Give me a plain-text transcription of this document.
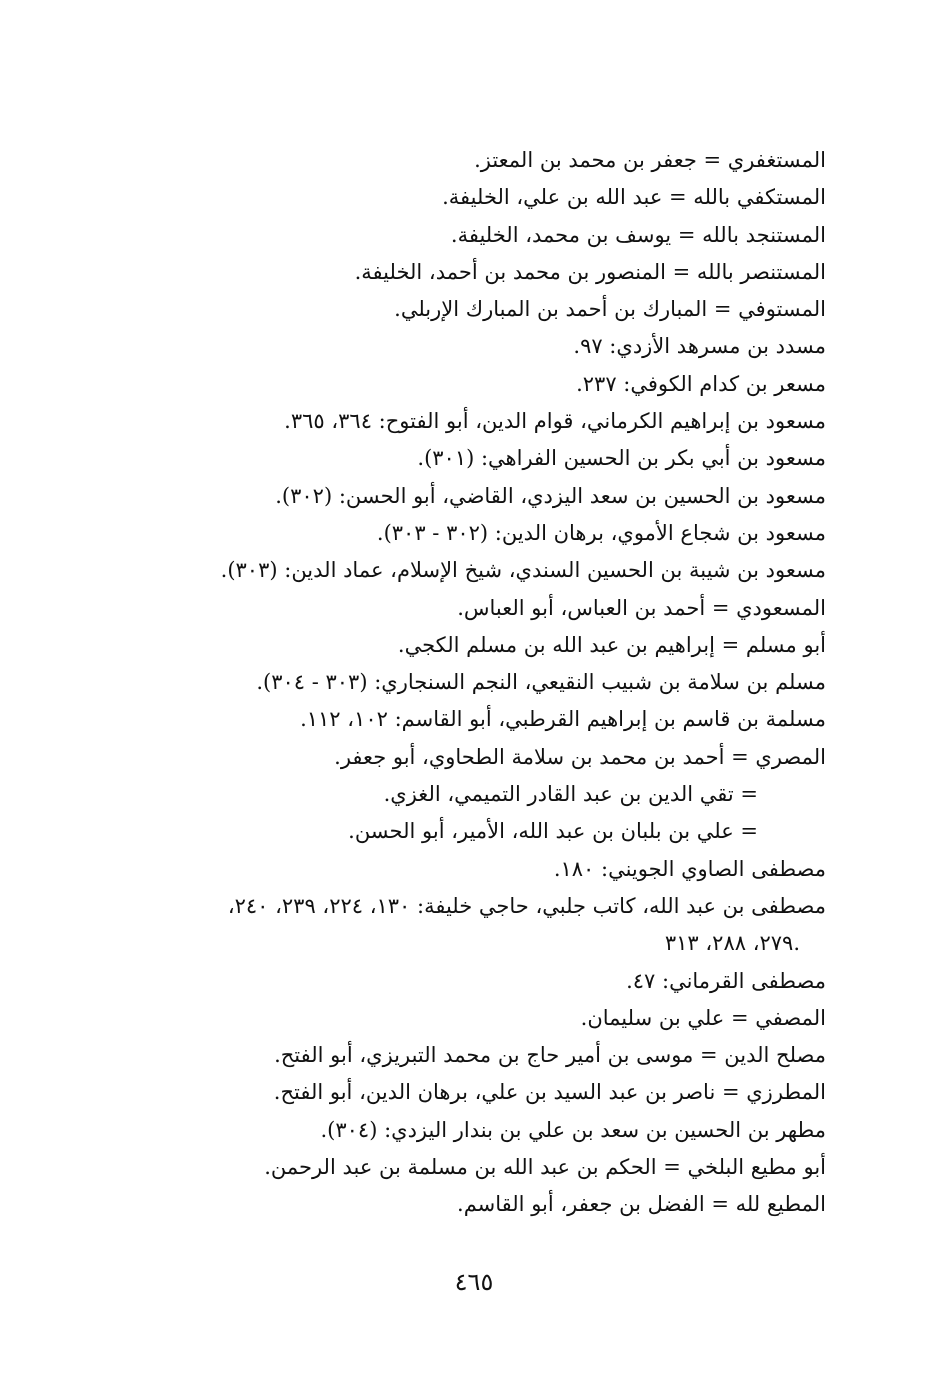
المستغفري = جعفر بن محمد بن المعتز.
المستكفي بالله = عبد الله بن علي، الخليفة.
المستنجد بالله = يوسف بن محمد، الخليفة.
المستنصر بالله = المنصور بن محمد بن أحمد، الخليفة.
المستوفي = المبارك بن أحمد بن المبارك الإربلي.
مسدد بن مسرهد الأزدي: ٩٧.
مسعر بن كدام الكوفي: ٢٣٧.
مسعود بن إبراهيم الكرماني، قوام الدين، أبو الفتوح: ٣٦٤، ٣٦٥.
مسعود بن أبي بكر بن الحسين الفراهي: (٣٠١).
مسعود بن الحسين بن سعد اليزدي، القاضي، أبو الحسن: (٣٠٢).
مسعود بن شجاع الأموي، برهان الدين: (٣٠٢ - ٣٠٣).
مسعود بن شيبة بن الحسين السندي، شيخ الإسلام، عماد الدين: (٣٠٣).
المسعودي = أحمد بن العباس، أبو العباس.
أبو مسلم = إبراهيم بن عبد الله بن مسلم الكجي.
مسلم بن سلامة بن شبيب النقيعي، النجم السنجاري: (٣٠٣ - ٣٠٤).
مسلمة بن قاسم بن إبراهيم القرطبي، أبو القاسم: ١٠٢، ١١٢.
المصري = أحمد بن محمد بن سلامة الطحاوي، أبو جعفر.
= تقي الدين بن عبد القادر التميمي، الغزي.
= علي بن بلبان بن عبد الله، الأمير، أبو الحسن.
مصطفى الصاوي الجويني: ١٨٠.
مصطفى بن عبد الله، كاتب جلبي، حاجي خليفة: ١٣٠، ٢٢٤، ٢٣٩، ٢٤٠،
٢٧٩، ٢٨٨، ٣١٣.
مصطفى القرماني: ٤٧.
المصفي = علي بن سليمان.
مصلح الدين = موسى بن أمير حاج بن محمد التبريزي، أبو الفتح.
المطرزي = ناصر بن عبد السيد بن علي، برهان الدين، أبو الفتح.
مطهر بن الحسين بن سعد بن علي بن بندار اليزدي: (٣٠٤).
أبو مطيع البلخي = الحكم بن عبد الله بن مسلمة بن عبد الرحمن.
المطيع لله = الفضل بن جعفر، أبو القاسم.
٤٦٥
